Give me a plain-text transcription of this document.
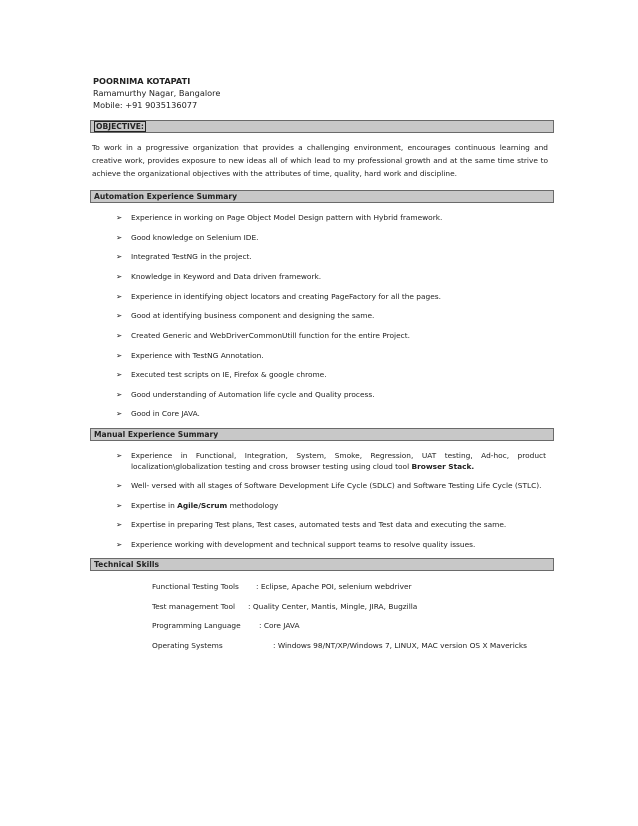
POORNIMA KOTAPATI
Ramamurthy Nagar, Bangalore
Mobile: +91 9035136077
OBJECTIVE:
To work in a progressive organization that provides a challenging environment, encourages continuous learning and creative work, provides exposure to new ideas all of which lead to my professional growth and at the same time strive to achieve the organizational objectives with the attributes of time, quality, hard work and discipline.
Automation Experience Summary
➢ Experience in working on Page Object Model Design pattern with Hybrid framework.
➢ Good knowledge on Selenium IDE.
➢ Integrated TestNG in the project.
➢ Knowledge in Keyword and Data driven framework.
➢ Experience in identifying object locators and creating PageFactory for all the pages.
➢ Good at identifying business component and designing the same.
➢ Created Generic and WebDriverCommonUtill function for the entire Project.
➢ Experience with TestNG Annotation.
➢ Executed test scripts on IE, Firefox & google chrome.
➢ Good understanding of Automation life cycle and Quality process.
➢ Good in Core JAVA.
Manual Experience Summary
➢ Experience in Functional, Integration, System, Smoke, Regression, UAT testing, Ad-hoc, product localization\globalization testing and cross browser testing using cloud tool Browser Stack.
➢ Well- versed with all stages of Software Development Life Cycle (SDLC) and Software Testing Life Cycle (STLC).
➢ Expertise in Agile/Scrum methodology
➢ Expertise in preparing Test plans, Test cases, automated tests and Test data and executing the same.
➢ Experience working with development and technical support teams to resolve quality issues.
Technical Skills
Functional Testing Tools : Eclipse, Apache POI, selenium webdriver
Test management Tool : Quality Center, Mantis, Mingle, JIRA, Bugzilla
Programming Language : Core JAVA
Operating Systems	: Windows 98/NT/XP/Windows 7, LINUX, MAC version OS X Mavericks
